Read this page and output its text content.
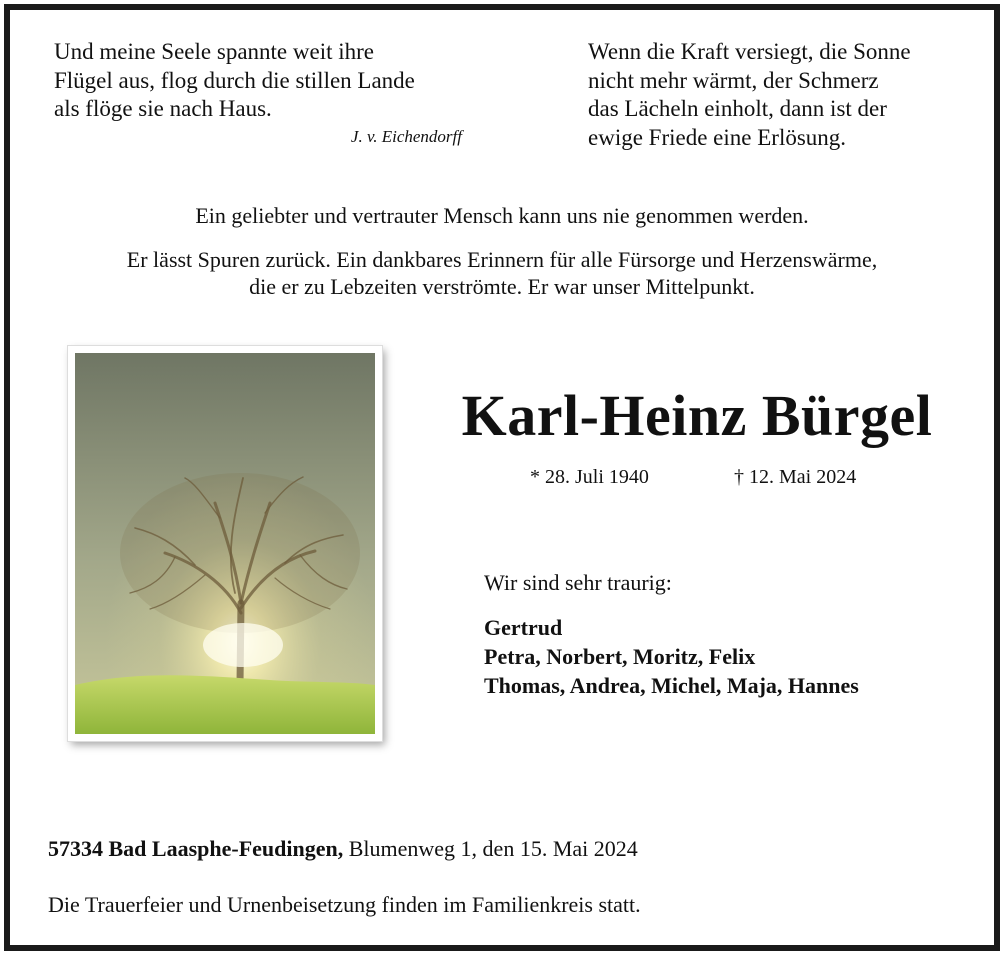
Und meine Seele spannte weit ihre
Flügel aus, flog durch die stillen Lande
als flöge sie nach Haus.
J. v. Eichendorff
Wenn die Kraft versiegt, die Sonne
nicht mehr wärmt, der Schmerz
das Lächeln einholt, dann ist der
ewige Friede eine Erlösung.
Ein geliebter und vertrauter Mensch kann uns nie genommen werden.
Er lässt Spuren zurück. Ein dankbares Erinnern für alle Fürsorge und Herzenswärme,
die er zu Lebzeiten verströmte. Er war unser Mittelpunkt.
Karl-Heinz Bürgel
* 28. Juli 1940	† 12. Mai 2024
Wir sind sehr traurig:
Gertrud
Petra, Norbert, Moritz, Felix
Thomas, Andrea, Michel, Maja, Hannes
57334 Bad Laasphe-Feudingen, Blumenweg 1, den 15. Mai 2024
Die Trauerfeier und Urnenbeisetzung finden im Familienkreis statt.
